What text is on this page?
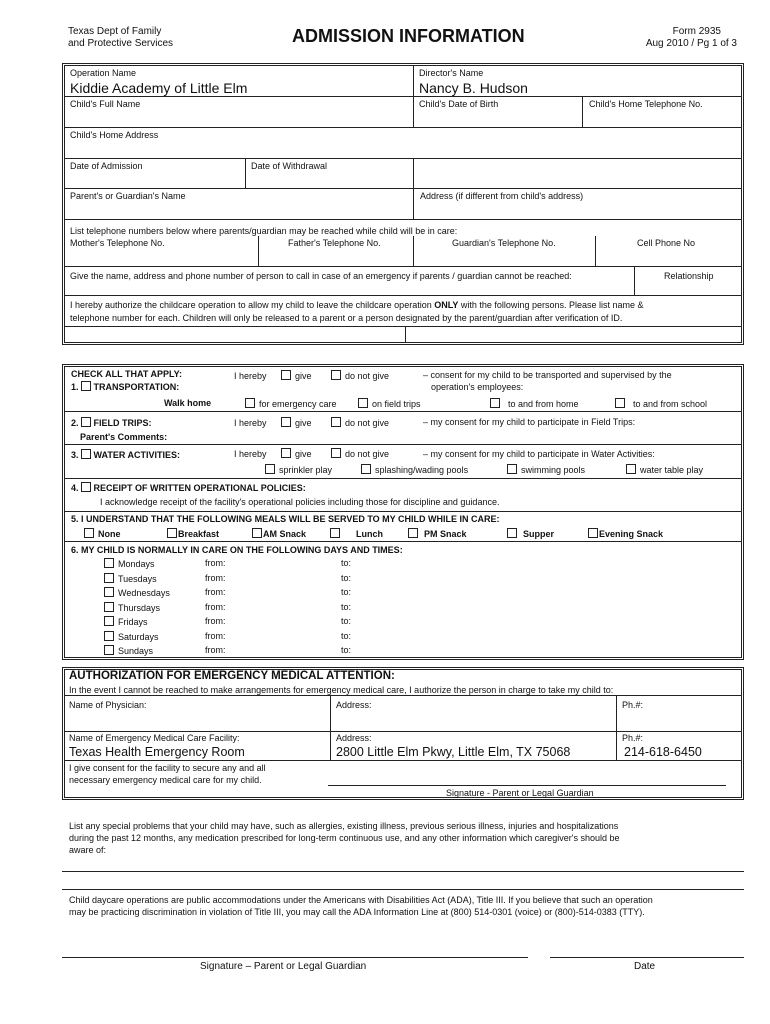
Texas Dept of Family
and Protective Services	ADMISSION INFORMATION	Form 2935
Aug 2010 / Pg 1 of 3
Operation Name
Kiddie Academy of Little Elm
Director's Name
Nancy B. Hudson
Child's Full Name	Child's Date of Birth	Child's Home Telephone No.
Child's Home Address
Date of Admission	Date of Withdrawal
Parent's or Guardian's Name	Address (if different from child's address)
List telephone numbers below where parents/guardian may be reached while child will be in care:
Mother's Telephone No.	Father's Telephone No.	Guardian's Telephone No.	Cell Phone No
Give the name, address and phone number of person to call in case of an emergency if parents / guardian cannot be reached:	Relationship
I hereby authorize the childcare operation to allow my child to leave the childcare operation ONLY with the following persons. Please list name &
telephone number for each. Children will only be released to a parent or a person designated by the parent/guardian after verification of ID.
CHECK ALL THAT APPLY:
1. TRANSPORTATION:
I hereby	give	do not give	– consent for my child to be transported and supervised by the
operation's employees:
Walk home	for emergency care	on field trips	to and from home	to and from school
2. FIELD TRIPS:	I hereby	give	do not give	– my consent for my child to participate in Field Trips:
Parent's Comments:
3. WATER ACTIVITIES:	I hereby	give	do not give	– my consent for my child to participate in Water Activities:
sprinkler play	splashing/wading pools	swimming pools	water table play
4. RECEIPT OF WRITTEN OPERATIONAL POLICIES:
I acknowledge receipt of the facility's operational policies including those for discipline and guidance.
5. I UNDERSTAND THAT THE FOLLOWING MEALS WILL BE SERVED TO MY CHILD WHILE IN CARE:
None	Breakfast	AM Snack	Lunch	PM Snack	Supper	Evening Snack
6. MY CHILD IS NORMALLY IN CARE ON THE FOLLOWING DAYS AND TIMES:
Mondays	from:	to:
Tuesdays	from:	to:
Wednesdays	from:	to:
Thursdays	from:	to:
Fridays	from:	to:
Saturdays	from:	to:
Sundays	from:	to:
AUTHORIZATION FOR EMERGENCY MEDICAL ATTENTION:
In the event I cannot be reached to make arrangements for emergency medical care, I authorize the person in charge to take my child to:
Name of Physician:	Address:	Ph.#:
Name of Emergency Medical Care Facility:
Texas Health Emergency Room
Address:
2800 Little Elm Pkwy, Little Elm, TX 75068
Ph.#:
214-618-6450
I give consent for the facility to secure any and all
necessary emergency medical care for my child.
Signature - Parent or Legal Guardian
List any special problems that your child may have, such as allergies, existing illness, previous serious illness, injuries and hospitalizations
during the past 12 months, any medication prescribed for long-term continuous use, and any other information which caregiver's should be
aware of:
Child daycare operations are public accommodations under the Americans with Disabilities Act (ADA), Title III. If you believe that such an operation
may be practicing discrimination in violation of Title III, you may call the ADA Information Line at (800) 514-0301 (voice) or (800)-514-0383 (TTY).
Signature – Parent or Legal Guardian	Date
